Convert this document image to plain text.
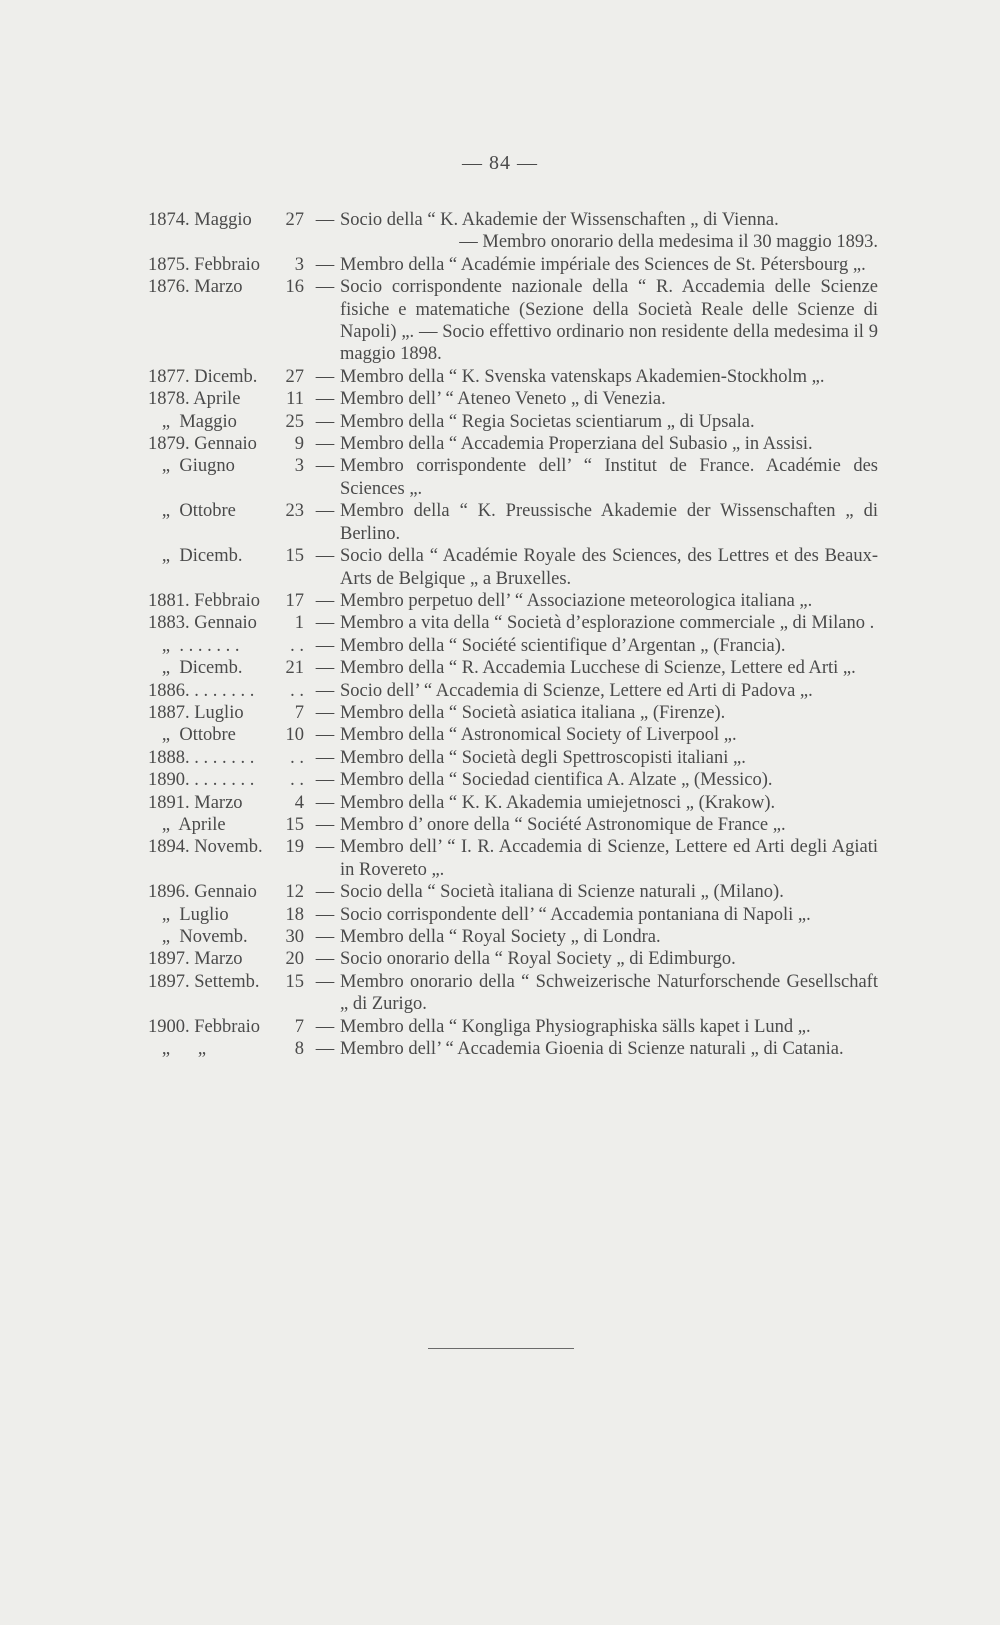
— 84 —
1874. Maggio	27 — Socio della “ K. Akademie der Wissenschaften „ di Vienna.
— Membro onorario della medesima il 30 maggio 1893.
1875. Febbraio	3 — Membro della “ Académie impériale des Sciences de St. Pétersbourg „.
1876. Marzo	16 — Socio corrispondente nazionale della “ R. Accademia delle Scienze fisiche e matematiche (Sezione della Società Reale delle Scienze di Napoli) „. — Socio effettivo ordinario non residente della medesima il 9 maggio 1898.
1877. Dicemb.	27 — Membro della “ K. Svenska vatenskaps Akademien-Stockholm „.
1878. Aprile	11 — Membro dell’ “ Ateneo Veneto „ di Venezia.
„  Maggio	25 — Membro della “ Regia Societas scientiarum „ di Upsala.
1879. Gennaio	9 — Membro della “ Accademia Properziana del Subasio „ in Assisi.
„  Giugno	3 — Membro corrispondente dell’ “ Institut de France. Académie des Sciences „.
„  Ottobre	23 — Membro della “ K. Preussische Akademie der Wissenschaften „ di Berlino.
„  Dicemb.	15 — Socio della “ Académie Royale des Sciences, des Lettres et des Beaux-Arts de Belgique „ a Bruxelles.
1881. Febbraio	17 — Membro perpetuo dell’ “ Associazione meteorologica italiana „.
1883. Gennaio	1 — Membro a vita della “ Società d’esplorazione commerciale „ di Milano .
„  . . . . . . .	. . — Membro della “ Société scientifique d’Argentan „ (Francia).
„  Dicemb.	21 — Membro della “ R. Accademia Lucchese di Scienze, Lettere ed Arti „.
1886. . . . . . . .	. . — Socio dell’ “ Accademia di Scienze, Lettere ed Arti di Padova „.
1887. Luglio	7 — Membro della “ Società asiatica italiana „ (Firenze).
„  Ottobre	10 — Membro della “ Astronomical Society of Liverpool „.
1888. . . . . . . .	. . — Membro della “ Società degli Spettroscopisti italiani „.
1890. . . . . . . .	. . — Membro della “ Sociedad cientifica A. Alzate „ (Messico).
1891. Marzo	4 — Membro della “ K. K. Akademia umiejetnosci „ (Krakow).
„  Aprile	15 — Membro d’ onore della “ Société Astronomique de France „.
1894. Novemb.	19 — Membro dell’ “ I. R. Accademia di Scienze, Lettere ed Arti degli Agiati in Rovereto „.
1896. Gennaio	12 — Socio della “ Società italiana di Scienze naturali „ (Milano).
„  Luglio	18 — Socio corrispondente dell’ “ Accademia pontaniana di Napoli „.
„  Novemb.	30 — Membro della “ Royal Society „ di Londra.
1897. Marzo	20 — Socio onorario della “ Royal Society „ di Edimburgo.
1897. Settemb.	15 — Membro onorario della “ Schweizerische Naturforschende Gesellschaft „ di Zurigo.
1900. Febbraio	7 — Membro della “ Kongliga Physiographiska sälls kapet i Lund „.
„      „	8 — Membro dell’ “ Accademia Gioenia di Scienze naturali „ di Catania.
